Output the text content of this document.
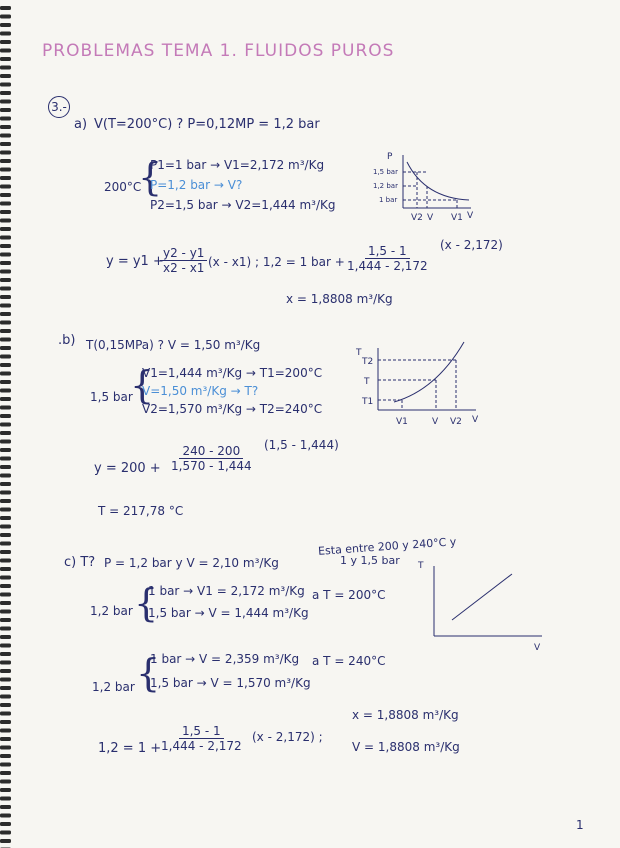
PROBLEMAS TEMA 1. FLUIDOS PUROS
3.-
a) V(T=200°C) ? P=0,12MP = 1,2 bar
200°C
{
P1=1 bar → V1=2,172 m³/Kg
P=1,2 bar → V?
P2=1,5 bar → V2=1,444 m³/Kg
P
1,5 bar
1,2 bar
1 bar
V2 V V1 V
y = y1 +
$\frac{y2 - y1}{x2 - x1} (x - x1)$ ; 1,2 = 1 bar + $\frac{1,5 - 1}{1,444 - 2,172} (x - 2,172)$
x = 1,8808 m³/Kg
.b) T(0,15MPa) ? V = 1,50 m³/Kg
1,5 bar
{
V1=1,444 m³/Kg → T1=200°C
V=1,50 m³/Kg → T?
V2=1,570 m³/Kg → T2=240°C
T
T2
T
T1
V1	V V2 V
$y = 200 + \frac{240 - 200}{1,570 - 1,444} (1,5 - 1,444)$
T = 217,78 °C
c) T? P = 1,2 bar y V = 2,10 m³/Kg
Esta entre 200 y 240°C y
1 y 1,5 bar T
V
1,2 bar {
1 bar → V1 = 2,172 m³/Kg
1,5 bar → V = 1,444 m³/Kg
a T = 200°C
1,2 bar {
1 bar → V = 2,359 m³/Kg
1,5 bar → V = 1,570 m³/Kg
a T = 240°C
1,2 = 1 +
$\frac{1,5 - 1}{1,444 - 2,172} (x - 2,172)$ ;
x = 1,8808 m³/Kg
V = 1,8808 m³/Kg
1
